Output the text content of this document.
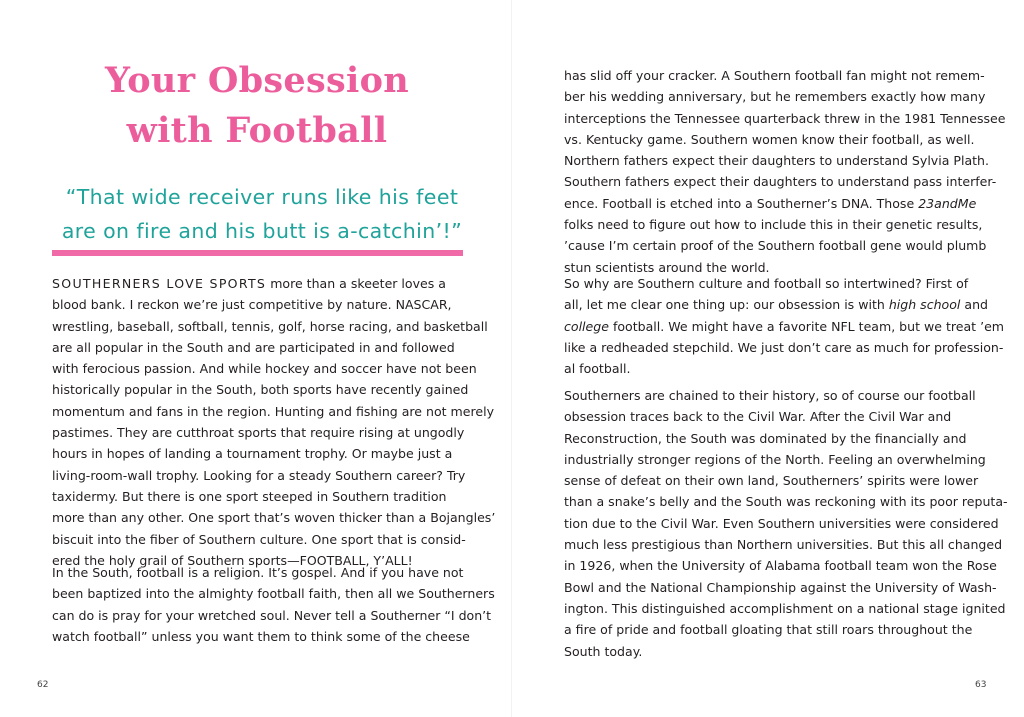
Your Obsession
with Football

“That wide receiver runs like his feet
are on fire and his butt is a-catchin’!”

SOUTHERNERS LOVE SPORTS more than a skeeter loves a
blood bank. I reckon we’re just competitive by nature. NASCAR,
wrestling, baseball, softball, tennis, golf, horse racing, and basketball
are all popular in the South and are participated in and followed
with ferocious passion. And while hockey and soccer have not been
historically popular in the South, both sports have recently gained
momentum and fans in the region. Hunting and fishing are not merely
pastimes. They are cutthroat sports that require rising at ungodly
hours in hopes of landing a tournament trophy. Or maybe just a
living-room-wall trophy. Looking for a steady Southern career? Try
taxidermy. But there is one sport steeped in Southern tradition
more than any other. One sport that’s woven thicker than a Bojangles’
biscuit into the fiber of Southern culture. One sport that is consid-
ered the holy grail of Southern sports—FOOTBALL, Y’ALL!

In the South, football is a religion. It’s gospel. And if you have not
been baptized into the almighty football faith, then all we Southerners
can do is pray for your wretched soul. Never tell a Southerner “I don’t
watch football” unless you want them to think some of the cheese

62

has slid off your cracker. A Southern football fan might not remem-
ber his wedding anniversary, but he remembers exactly how many
interceptions the Tennessee quarterback threw in the 1981 Tennessee
vs. Kentucky game. Southern women know their football, as well.
Northern fathers expect their daughters to understand Sylvia Plath.
Southern fathers expect their daughters to understand pass interfer-
ence. Football is etched into a Southerner’s DNA. Those 23andMe
folks need to figure out how to include this in their genetic results,
’cause I’m certain proof of the Southern football gene would plumb
stun scientists around the world.

So why are Southern culture and football so intertwined? First of
all, let me clear one thing up: our obsession is with high school and
college football. We might have a favorite NFL team, but we treat ’em
like a redheaded stepchild. We just don’t care as much for profession-
al football.

Southerners are chained to their history, so of course our football
obsession traces back to the Civil War. After the Civil War and
Reconstruction, the South was dominated by the financially and
industrially stronger regions of the North. Feeling an overwhelming
sense of defeat on their own land, Southerners’ spirits were lower
than a snake’s belly and the South was reckoning with its poor reputa-
tion due to the Civil War. Even Southern universities were considered
much less prestigious than Northern universities. But this all changed
in 1926, when the University of Alabama football team won the Rose
Bowl and the National Championship against the University of Wash-
ington. This distinguished accomplishment on a national stage ignited
a fire of pride and football gloating that still roars throughout the
South today.

63
